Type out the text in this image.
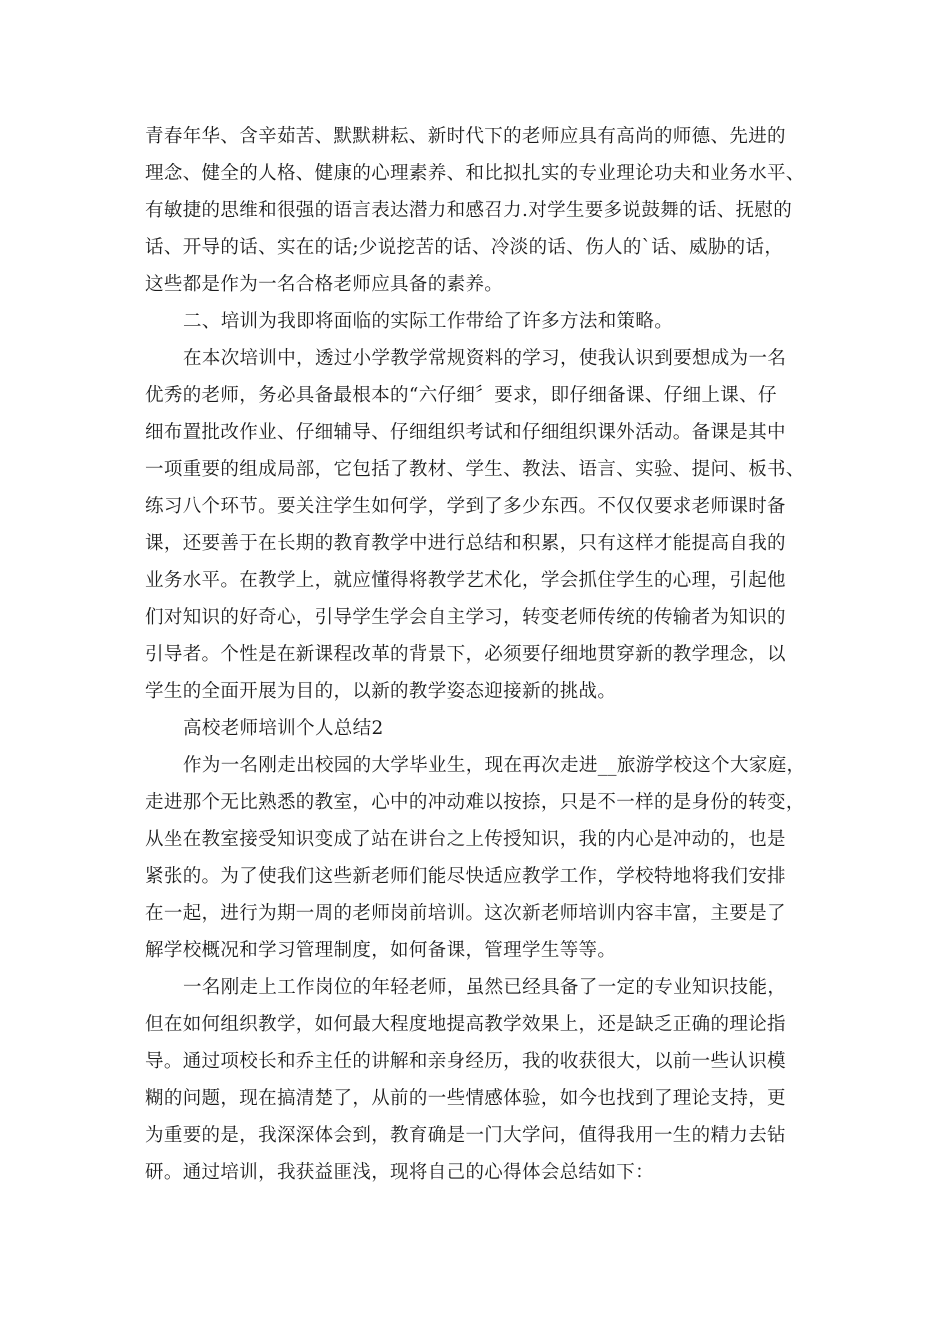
青春年华、含辛茹苦、默默耕耘、新时代下的老师应具有高尚的师德、先进的
理念、健全的人格、健康的心理素养、和比拟扎实的专业理论功夫和业务水平、
有敏捷的思维和很强的语言表达潜力和感召力.对学生要多说鼓舞的话、抚慰的
话、开导的话、实在的话;少说挖苦的话、冷淡的话、伤人的`话、威胁的话，
这些都是作为一名合格老师应具备的素养。
二、培训为我即将面临的实际工作带给了许多方法和策略。
在本次培训中，透过小学教学常规资料的学习，使我认识到要想成为一名
优秀的老师，务必具备最根本的“六仔细〞要求，即仔细备课、仔细上课、仔
细布置批改作业、仔细辅导、仔细组织考试和仔细组织课外活动。备课是其中
一项重要的组成局部，它包括了教材、学生、教法、语言、实验、提问、板书、
练习八个环节。要关注学生如何学，学到了多少东西。不仅仅要求老师课时备
课，还要善于在长期的教育教学中进行总结和积累，只有这样才能提高自我的
业务水平。在教学上，就应懂得将教学艺术化，学会抓住学生的心理，引起他
们对知识的好奇心，引导学生学会自主学习，转变老师传统的传输者为知识的
引导者。个性是在新课程改革的背景下，必须要仔细地贯穿新的教学理念，以
学生的全面开展为目的，以新的教学姿态迎接新的挑战。
高校老师培训个人总结2
作为一名刚走出校园的大学毕业生，现在再次走进__旅游学校这个大家庭，
走进那个无比熟悉的教室，心中的冲动难以按捺，只是不一样的是身份的转变，
从坐在教室接受知识变成了站在讲台之上传授知识，我的内心是冲动的，也是
紧张的。为了使我们这些新老师们能尽快适应教学工作，学校特地将我们安排
在一起，进行为期一周的老师岗前培训。这次新老师培训内容丰富，主要是了
解学校概况和学习管理制度，如何备课，管理学生等等。
一名刚走上工作岗位的年轻老师，虽然已经具备了一定的专业知识技能，
但在如何组织教学，如何最大程度地提高教学效果上，还是缺乏正确的理论指
导。通过项校长和乔主任的讲解和亲身经历，我的收获很大，以前一些认识模
糊的问题，现在搞清楚了，从前的一些情感体验，如今也找到了理论支持，更
为重要的是，我深深体会到，教育确是一门大学问，值得我用一生的精力去钻
研。通过培训，我获益匪浅，现将自己的心得体会总结如下：
